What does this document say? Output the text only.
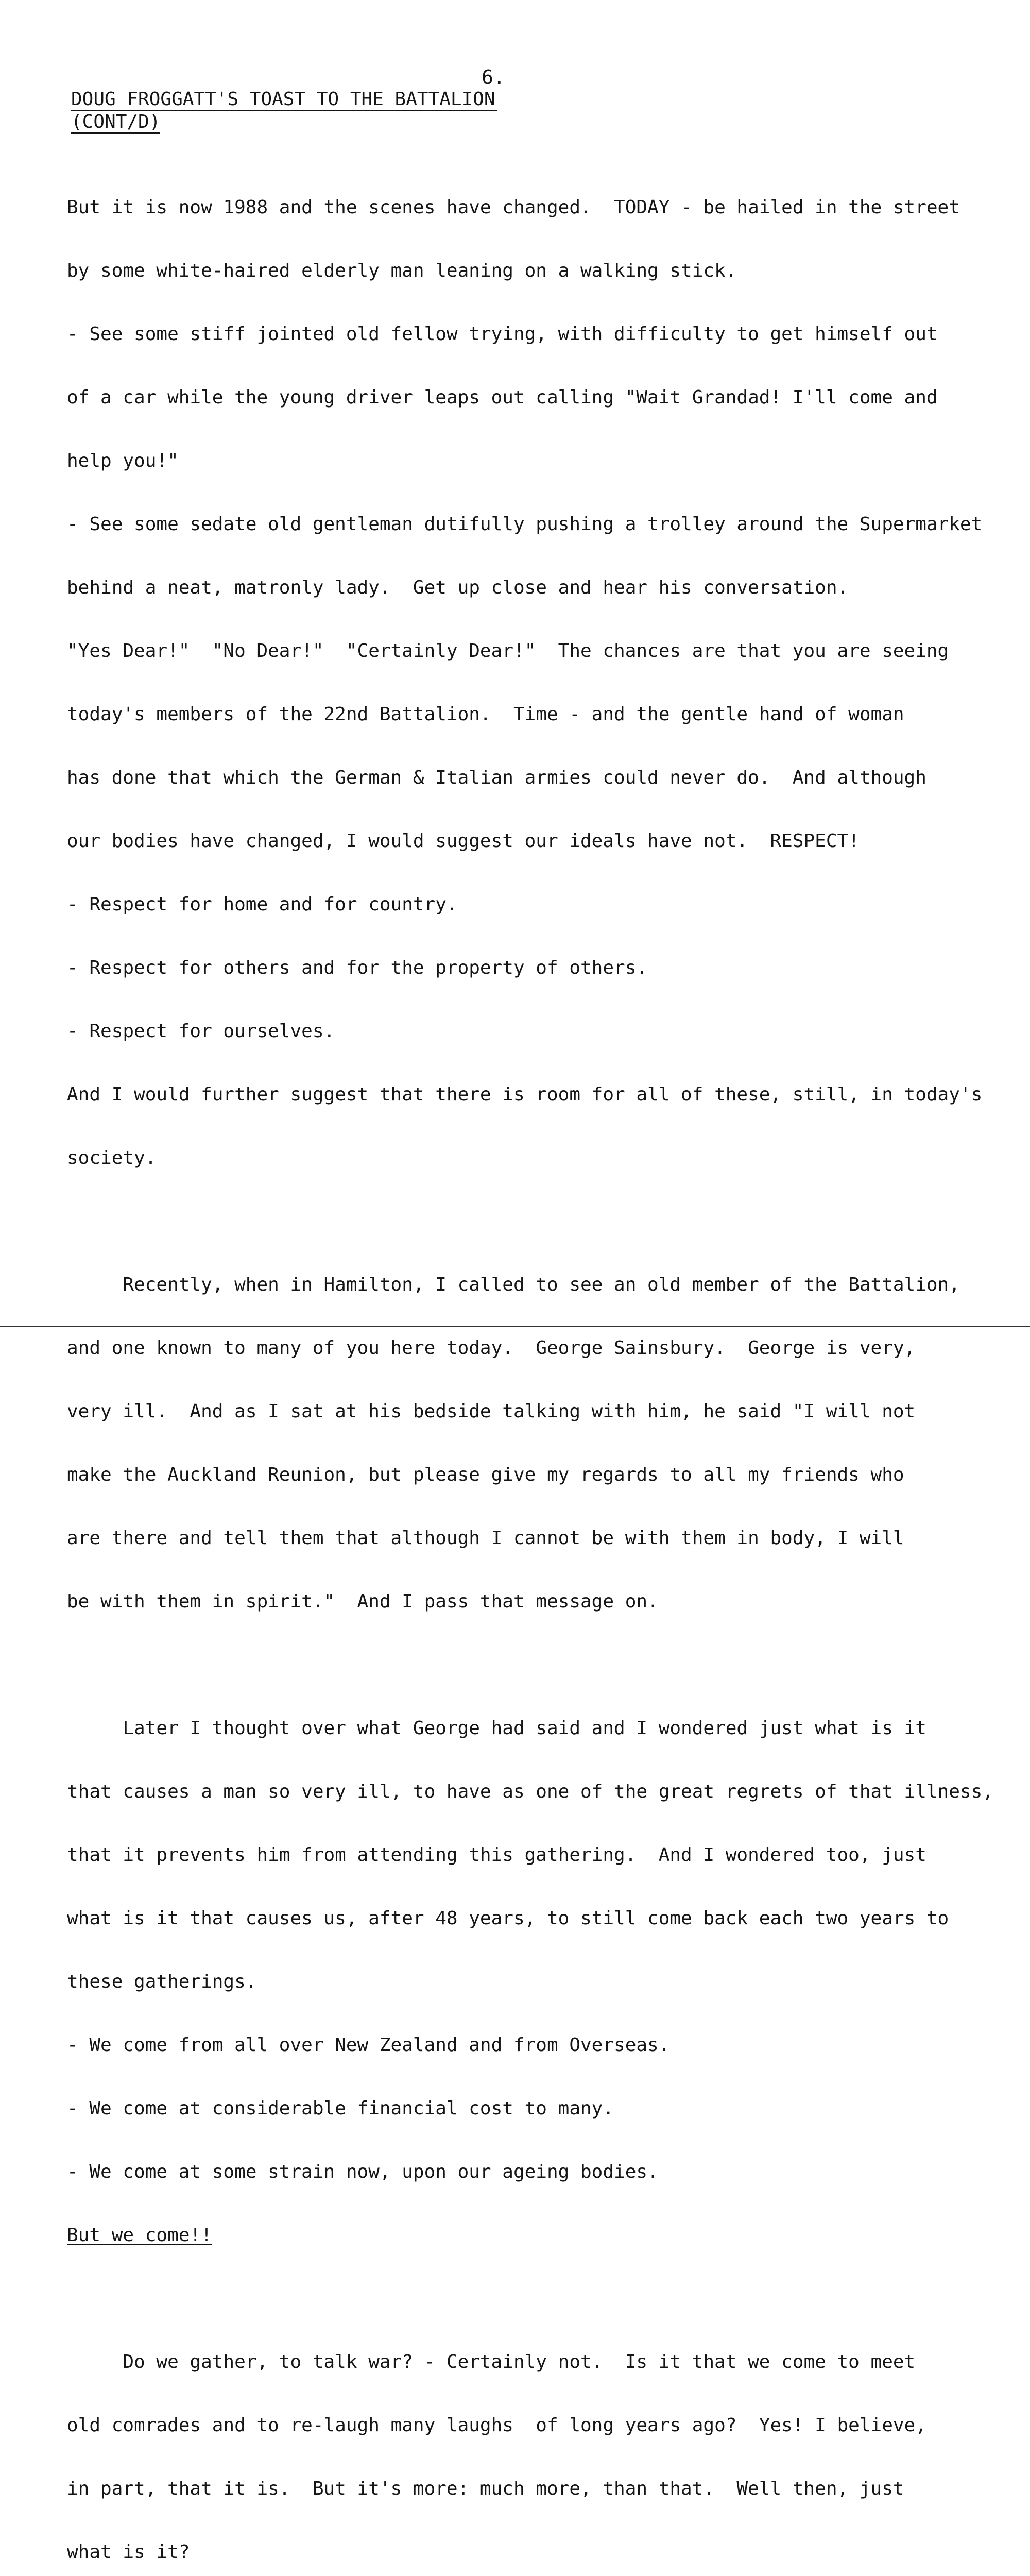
6.
DOUG FROGGATT'S TOAST TO THE BATTALION
(CONT/D)

But it is now 1988 and the scenes have changed.  TODAY - be hailed in the street

by some white-haired elderly man leaning on a walking stick.

- See some stiff jointed old fellow trying, with difficulty to get himself out

of a car while the young driver leaps out calling "Wait Grandad! I'll come and

help you!"

- See some sedate old gentleman dutifully pushing a trolley around the Supermarket

behind a neat, matronly lady.  Get up close and hear his conversation.

"Yes Dear!"  "No Dear!"  "Certainly Dear!"  The chances are that you are seeing

today's members of the 22nd Battalion.  Time - and the gentle hand of woman

has done that which the German & Italian armies could never do.  And although

our bodies have changed, I would suggest our ideals have not.  RESPECT!

- Respect for home and for country.

- Respect for others and for the property of others.

- Respect for ourselves.

And I would further suggest that there is room for all of these, still, in today's

society.

Recently, when in Hamilton, I called to see an old member of the Battalion,

and one known to many of you here today.  George Sainsbury.  George is very,

very ill.  And as I sat at his bedside talking with him, he said "I will not

make the Auckland Reunion, but please give my regards to all my friends who

are there and tell them that although I cannot be with them in body, I will

be with them in spirit."  And I pass that message on.

Later I thought over what George had said and I wondered just what is it

that causes a man so very ill, to have as one of the great regrets of that illness,

that it prevents him from attending this gathering.  And I wondered too, just

what is it that causes us, after 48 years, to still come back each two years to

these gatherings.

- We come from all over New Zealand and from Overseas.

- We come at considerable financial cost to many.

- We come at some strain now, upon our ageing bodies.

But we come!!

Do we gather, to talk war? - Certainly not.  Is it that we come to meet

old comrades and to re-laugh many laughs  of long years ago?  Yes! I believe,

in part, that it is.  But it's more: much more, than that.  Well then, just

what is it?
